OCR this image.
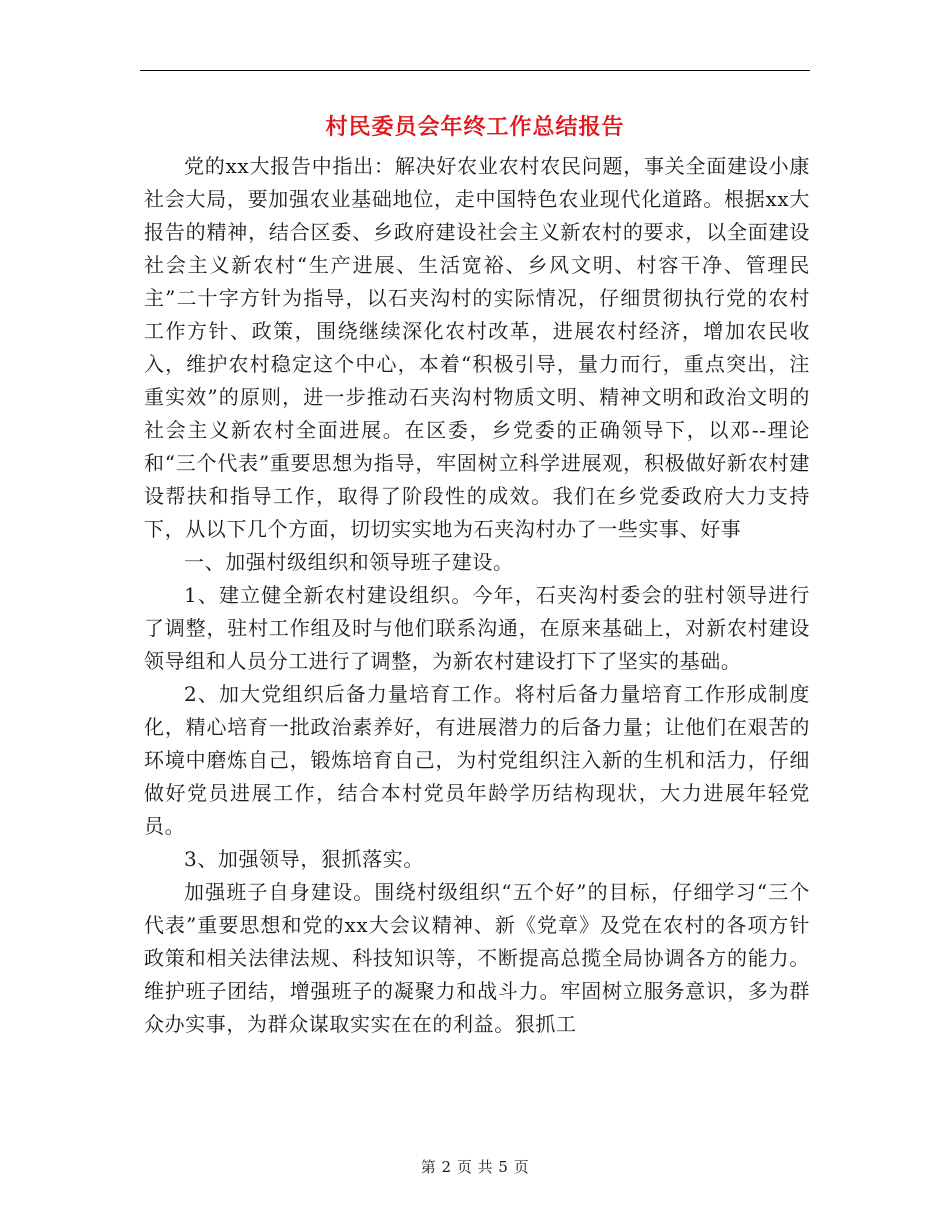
村民委员会年终工作总结报告

党的xx大报告中指出：解决好农业农村农民问题，事关全面建设小康社会大局，要加强农业基础地位，走中国特色农业现代化道路。根据xx大报告的精神，结合区委、乡政府建设社会主义新农村的要求，以全面建设社会主义新农村“生产进展、生活宽裕、乡风文明、村容干净、管理民主”二十字方针为指导，以石夹沟村的实际情况，仔细贯彻执行党的农村工作方针、政策，围绕继续深化农村改革，进展农村经济，增加农民收入，维护农村稳定这个中心，本着“积极引导，量力而行，重点突出，注重实效”的原则，进一步推动石夹沟村物质文明、精神文明和政治文明的社会主义新农村全面进展。在区委，乡党委的正确领导下，以邓--理论和“三个代表”重要思想为指导，牢固树立科学进展观，积极做好新农村建设帮扶和指导工作，取得了阶段性的成效。我们在乡党委政府大力支持下，从以下几个方面，切切实实地为石夹沟村办了一些实事、好事

一、加强村级组织和领导班子建设。

1、建立健全新农村建设组织。今年，石夹沟村委会的驻村领导进行了调整，驻村工作组及时与他们联系沟通，在原来基础上，对新农村建设领导组和人员分工进行了调整，为新农村建设打下了坚实的基础。

2、加大党组织后备力量培育工作。将村后备力量培育工作形成制度化，精心培育一批政治素养好，有进展潜力的后备力量；让他们在艰苦的环境中磨炼自己，锻炼培育自己，为村党组织注入新的生机和活力，仔细做好党员进展工作，结合本村党员年龄学历结构现状，大力进展年轻党员。

3、加强领导，狠抓落实。

加强班子自身建设。围绕村级组织“五个好”的目标，仔细学习“三个代表”重要思想和党的xx大会议精神、新《党章》及党在农村的各项方针政策和相关法律法规、科技知识等，不断提高总揽全局协调各方的能力。维护班子团结，增强班子的凝聚力和战斗力。牢固树立服务意识，多为群众办实事，为群众谋取实实在在的利益。狠抓工

第 2 页 共 5 页
